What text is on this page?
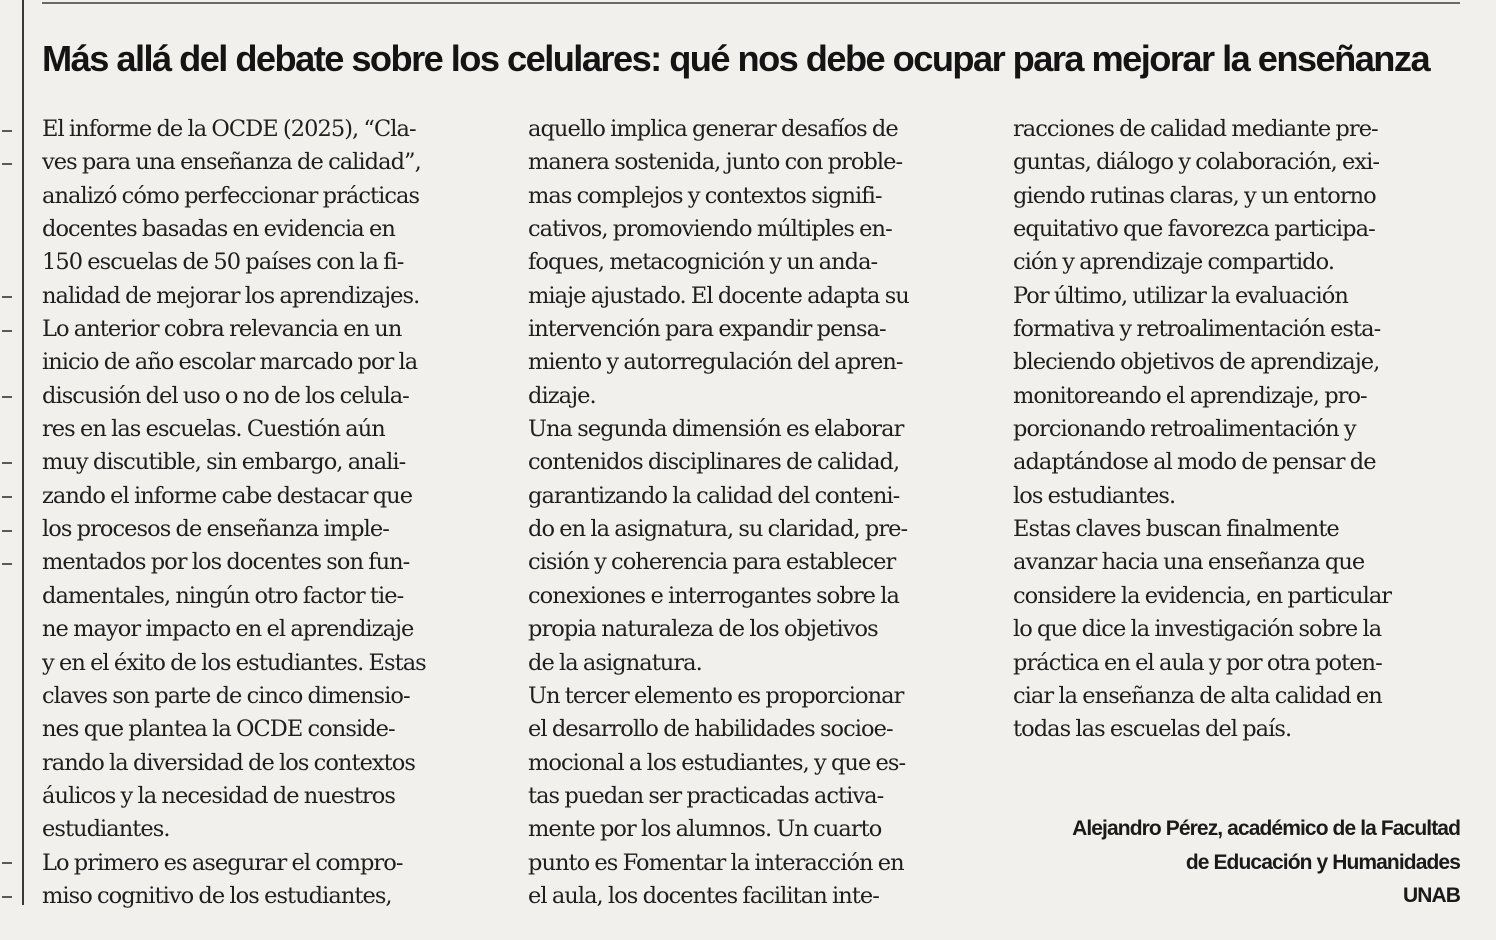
Más allá del debate sobre los celulares: qué nos debe ocupar para mejorar la enseñanza
El informe de la OCDE (2025), “Cla-
ves para una enseñanza de calidad”,
analizó cómo perfeccionar prácticas
docentes basadas en evidencia en
150 escuelas de 50 países con la fi-
nalidad de mejorar los aprendizajes.
Lo anterior cobra relevancia en un
inicio de año escolar marcado por la
discusión del uso o no de los celula-
res en las escuelas. Cuestión aún
muy discutible, sin embargo, anali-
zando el informe cabe destacar que
los procesos de enseñanza imple-
mentados por los docentes son fun-
damentales, ningún otro factor tie-
ne mayor impacto en el aprendizaje
y en el éxito de los estudiantes. Estas
claves son parte de cinco dimensio-
nes que plantea la OCDE conside-
rando la diversidad de los contextos
áulicos y la necesidad de nuestros
estudiantes.
Lo primero es asegurar el compro-
miso cognitivo de los estudiantes,
aquello implica generar desafíos de
manera sostenida, junto con proble-
mas complejos y contextos signifi-
cativos, promoviendo múltiples en-
foques, metacognición y un anda-
miaje ajustado. El docente adapta su
intervención para expandir pensa-
miento y autorregulación del apren-
dizaje.
Una segunda dimensión es elaborar
contenidos disciplinares de calidad,
garantizando la calidad del conteni-
do en la asignatura, su claridad, pre-
cisión y coherencia para establecer
conexiones e interrogantes sobre la
propia naturaleza de los objetivos
de la asignatura.
Un tercer elemento es proporcionar
el desarrollo de habilidades socioe-
mocional a los estudiantes, y que es-
tas puedan ser practicadas activa-
mente por los alumnos. Un cuarto
punto es Fomentar la interacción en
el aula, los docentes facilitan inte-
racciones de calidad mediante pre-
guntas, diálogo y colaboración, exi-
giendo rutinas claras, y un entorno
equitativo que favorezca participa-
ción y aprendizaje compartido.
Por último, utilizar la evaluación
formativa y retroalimentación esta-
bleciendo objetivos de aprendizaje,
monitoreando el aprendizaje, pro-
porcionando retroalimentación y
adaptándose al modo de pensar de
los estudiantes.
Estas claves buscan finalmente
avanzar hacia una enseñanza que
considere la evidencia, en particular
lo que dice la investigación sobre la
práctica en el aula y por otra poten-
ciar la enseñanza de alta calidad en
todas las escuelas del país.
Alejandro Pérez, académico de la Facultad
de Educación y Humanidades
UNAB
